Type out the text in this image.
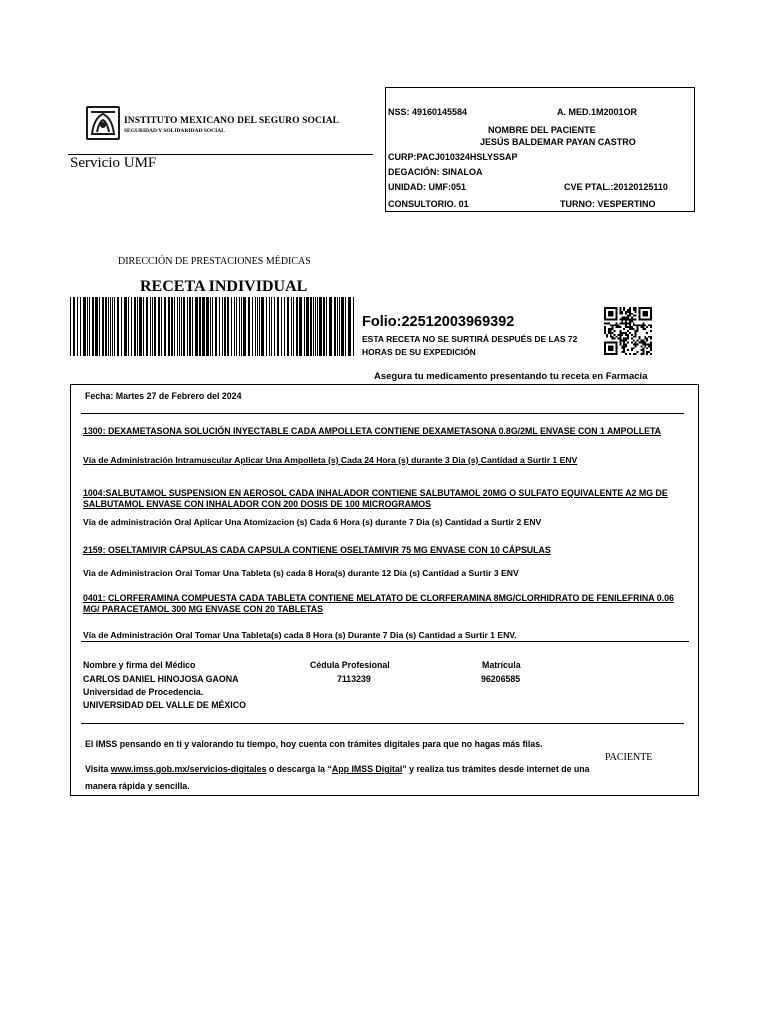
INSTITUTO MEXICANO DEL SEGURO SOCIAL
SEGURIDAD Y SOLIDARIDAD SOCIAL
Servicio UMF
NSS: 49160145584	A. MED.1M2001OR
NOMBRE DEL PACIENTE
JESÚS BALDEMAR PAYAN CASTRO
CURP:PACJ010324HSLYSSAP
DEGACIÓN: SINALOA
UNIDAD: UMF:051	CVE PTAL.:20120125110
CONSULTORIO. 01	TURNO: VESPERTINO
DIRECCIÓN DE PRESTACIONES MÉDICAS
RECETA INDIVIDUAL
Folio:22512003969392
ESTA RECETA NO SE SURTIRÁ DESPUÉS DE LAS 72 HORAS DE SU EXPEDICIÓN
Asegura tu medicamento presentando tu receta en Farmacia
Fecha: Martes 27 de Febrero del 2024
1300: DEXAMETASONA SOLUCIÓN INYECTABLE CADA AMPOLLETA CONTIENE DEXAMETASONA 0.8G/2ML ENVASE CON 1 AMPOLLETA
Vía de Administración Intramuscular Aplicar Una Ampolleta (s) Cada 24 Hora (s) durante 3 Dia (s) Cantidad a Surtir 1 ENV
1004:SALBUTAMOL SUSPENSION EN AEROSOL CADA INHALADOR CONTIENE SALBUTAMOL 20MG O SULFATO EQUIVALENTE A2 MG DE SALBUTAMOL ENVASE CON INHALADOR CON 200 DOSIS DE 100 MICROGRAMOS
Vía de administración Oral Aplicar Una Atomizacion (s) Cada 6 Hora (s) durante 7 Dia (s) Cantidad a Surtir 2 ENV
2159: OSELTAMIVIR CÁPSULAS CADA CAPSULA CONTIENE OSELTAMIVIR 75 MG ENVASE CON 10 CÁPSULAS
Via de Administracion Oral Tomar Una Tableta (s) cada 8 Hora(s) durante 12 Día (s) Cantidad a Surtir 3 ENV
0401: CLORFERAMINA COMPUESTA CADA TABLETA CONTIENE MELATATO DE CLORFERAMINA 8MG/CLORHIDRATO DE FENILEFRINA 0.06 MG/ PARACETAMOL 300 MG ENVASE CON 20 TABLETAS
Vía de Administración Oral Tomar Una Tableta(s) cada 8 Hora (s) Durante 7 Dia (s) Cantidad a Surtir 1 ENV.
Nombre y firma del Médico	Cédula Profesional	Matrícula
CARLOS DANIEL HINOJOSA GAONA	7113239	96206585
Universidad de Procedencia.
UNIVERSIDAD DEL VALLE DE MÉXICO
El IMSS pensando en ti y valorando tu tiempo, hoy cuenta con trámites digitales para que no hagas más filas.
PACIENTE
Visita www.imss.gob.mx/servicios-digitales o descarga la “App IMSS Digital” y realiza tus trámites desde internet de una
manera rápida y sencilla.
